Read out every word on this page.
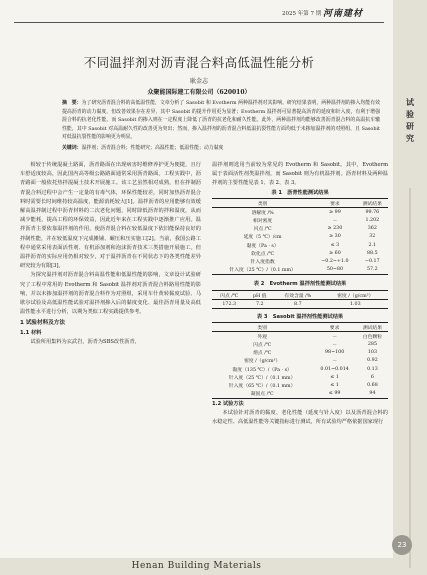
2025 年第 7 期 河南建材
试验研究
23
不同温拌剂对沥青混合料高低温性能分析
耿金志
众聚能国际建工有限公司（620010）
摘　要：为了研究沥青混合料的高低温性能，文章分析了 Sasobit 和 Evotherm 两种温拌剂对其影响。研究结果表明，两种温拌剂的掺入均能有效提高沥青的动力黏度，但改善效果存在差异，其中 Sasobit 的提升作用更为显著；Evotherm 温拌剂可显著提高沥青的延度和针入度，有利于增强混合料的抗老化性能。而 Sasobit 的掺入则在一定程度上降低了沥青的抗老化和耐久性能。此外，两种温拌剂均能够改善沥青混合料的高温抗车辙性能，其中 Sasobit 对高温耐久性的改善更为突出；然而，掺入温拌剂的沥青混合料低温抗裂性能方面均低于未掺加温拌剂的对照组，且 Sasobit 对低温抗裂性能的影响更为明显。
关键词：温拌剂；沥青混合料；性能研究；高温性能；低温性能；动力黏度

相较于传统混凝土路面，沥青路面在出现病害时维修养护更为便捷，且行车舒适度较高，因此国内高等级公路路面通常采用沥青路面。工程实践中，沥青路面一般依托热拌混凝土技术开展施工。该工艺虽然相对成熟，但在拌制沥青混合料过程中会产生一定量的有毒气体，环保性能较差，同时加热沥青混合料时需要长时间维持较高温度，能源消耗较大[1]。温拌沥青的应用能够有效缓解高温拌制过程中沥青材料的二次老化问题，同时降低沥青的拌和温度，从而减少能耗，提高工程的环保效益，因此近年来在工程实践中逐渐推广应用。温拌沥青主要依靠温拌剂的作用，使沥青混合料在较低温度下依旧能保持良好的拌制性能，并在较低温度下完成摊铺、碾压和压实施工[2]。当前，我国公路工程中通常采用表面活性剂、有机添加剂和泡沫沥青技术三类措施开展施工。但温拌沥青的实际应用仍相对较少，对于温拌沥青在不同状态下的各类性能差异研究较为有限[3]。

为探究温拌剂对沥青混合料高温性能和低温性能的影响，文章设计试验研究了工程中常用的 Evotherm 和 Sasobit 温拌剂对沥青混合料路用性能的影响，并以未掺加温拌剂的沥青混合料作为对照组，采用车什黄转黏度试验、马歇尔试验及高低温性能试验对温拌剂掺入后的黏度变化、最佳沥青用量及高低温性能水平进行分析，以期为类似工程实践提供参考。

1 试验材料及方法

1.1 材料

试验所用集料为玄武岩，沥青为SBS改性沥青，

温拌剂则选用当前较为常见的 Evotherm 和 Sasobit。其中，Evotherm 属于表面活性剂类温拌剂，而 Sasobit 则为有机温拌剂。沥青材料及两种温拌剂的主要性能见表 1、表 2、表 3。

表 1　沥青性能测试结果
类别	要求	测试结果
溶解度 /%	≥ 99	99.76
相对密度	－	1.202
闪点 /℃	≥ 230	362
延度（5 ℃）/cm	≥ 30	32
黏度（Pa · s）	≤ 3	2.1
软化点 /℃	≥ 60	88.5
针入度指数	−0.2~+1.0	−0.17
针入度（25 ℃）/（0.1 mm）	50~80	57.2
表 2　Evotherm 温拌剂性能测试结果
闪点 /℃	pH 值	有效含量 /%	密度 /（g/cm³）
172.3	7.2	8.7	1.03
表 3　Sasobit 温拌剂性能测试结果
类别	要求	测试结果
外观	－	白色颗粒
闪点 /℃	－	285
熔点 /℃	98~100	103
密度 /（g/cm³）	－	0.92
黏度（135 ℃）/（Pa · s）	0.01~0.014	0.13
针入度（25 ℃）/（0.1 mm）	≤ 1	6
针入度（65 ℃）/（0.1 mm）	≤ 1	0.68
凝固点 /℃	≤ 99	94

1.2 试验方法

本试验针对沥青的黏度、老化性能（延度与针入度）以及沥青混合料的水稳定性、高低温性能等关键指标进行测试，所有试验均严格依据国家现行

Henan Building Materials
